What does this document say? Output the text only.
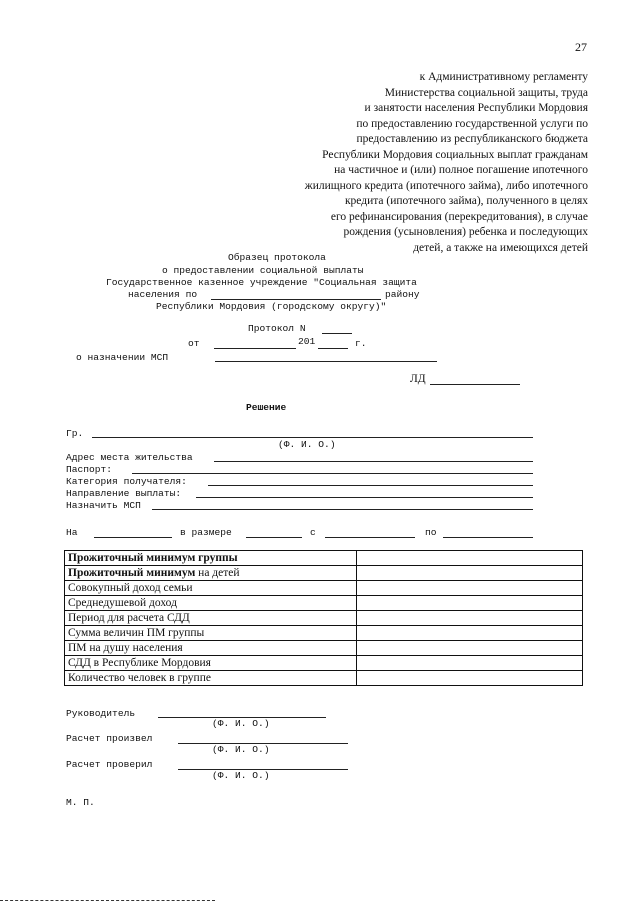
27
к Административному регламенту
Министерства социальной защиты, труда
и занятости населения Республики Мордовия
по предоставлению государственной услуги по
предоставлению из республиканского бюджета
Республики Мордовия социальных выплат гражданам
на частичное и (или) полное погашение ипотечного
жилищного кредита (ипотечного займа), либо ипотечного
кредита (ипотечного займа), полученного в целях
его рефинансирования (перекредитования), в случае
рождения (усыновления) ребенка и последующих
детей, а также на имеющихся детей
Образец протокола
о предоставлении социальной выплаты
Государственное казенное учреждение "Социальная защита
населения по	району
Республики Мордовия (городскому округу)"
Протокол N
от	201	г.
о назначении МСП
ЛД
Решение
Гр.
(Ф. И. О.)
Адрес места жительства
Паспорт:
Категория получателя:
Направление выплаты:
Назначить МСП
На	в размере	с	по
Прожиточный минимум группы	
Прожиточный минимум на детей	
Совокупный доход семьи	
Среднедушевой доход	
Период для расчета СДД	
Сумма величин ПМ группы	
ПМ на душу населения	
СДД в Республике Мордовия	
Количество человек в группе	
Руководитель
(Ф. И. О.)
Расчет произвел
(Ф. И. О.)
Расчет проверил
(Ф. И. О.)
М. П.
